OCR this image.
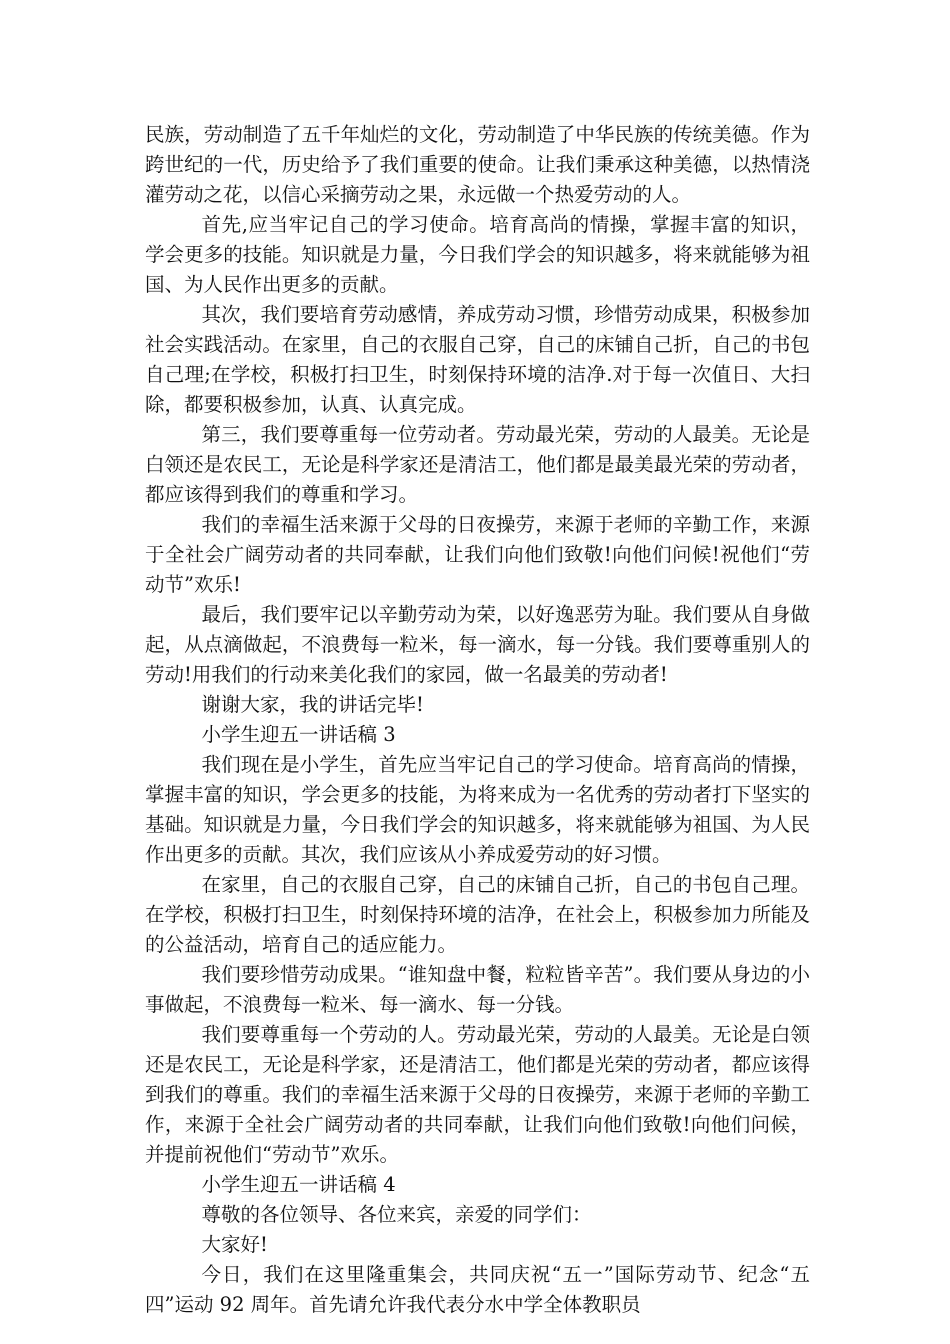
民族，劳动制造了五千年灿烂的文化，劳动制造了中华民族的传统美德。作为跨世纪的一代，历史给予了我们重要的使命。让我们秉承这种美德，以热情浇灌劳动之花，以信心采摘劳动之果，永远做一个热爱劳动的人。

首先,应当牢记自己的学习使命。培育高尚的情操，掌握丰富的知识，学会更多的技能。知识就是力量，今日我们学会的知识越多，将来就能够为祖国、为人民作出更多的贡献。

其次，我们要培育劳动感情，养成劳动习惯，珍惜劳动成果，积极参加社会实践活动。在家里，自己的衣服自己穿，自己的床铺自己折，自己的书包自己理;在学校，积极打扫卫生，时刻保持环境的洁净.对于每一次值日、大扫除，都要积极参加，认真、认真完成。

第三，我们要尊重每一位劳动者。劳动最光荣，劳动的人最美。无论是白领还是农民工，无论是科学家还是清洁工，他们都是最美最光荣的劳动者，都应该得到我们的尊重和学习。

我们的幸福生活来源于父母的日夜操劳，来源于老师的辛勤工作，来源于全社会广阔劳动者的共同奉献，让我们向他们致敬!向他们问候!祝他们“劳动节”欢乐!

最后，我们要牢记以辛勤劳动为荣，以好逸恶劳为耻。我们要从自身做起，从点滴做起，不浪费每一粒米，每一滴水，每一分钱。我们要尊重别人的劳动!用我们的行动来美化我们的家园，做一名最美的劳动者!

谢谢大家，我的讲话完毕!

小学生迎五一讲话稿 3

我们现在是小学生，首先应当牢记自己的学习使命。培育高尚的情操，掌握丰富的知识，学会更多的技能，为将来成为一名优秀的劳动者打下坚实的基础。知识就是力量，今日我们学会的知识越多，将来就能够为祖国、为人民作出更多的贡献。其次，我们应该从小养成爱劳动的好习惯。

在家里，自己的衣服自己穿，自己的床铺自己折，自己的书包自己理。在学校，积极打扫卫生，时刻保持环境的洁净，在社会上，积极参加力所能及的公益活动，培育自己的适应能力。

我们要珍惜劳动成果。“谁知盘中餐，粒粒皆辛苦”。我们要从身边的小事做起，不浪费每一粒米、每一滴水、每一分钱。

我们要尊重每一个劳动的人。劳动最光荣，劳动的人最美。无论是白领还是农民工，无论是科学家，还是清洁工，他们都是光荣的劳动者，都应该得到我们的尊重。我们的幸福生活来源于父母的日夜操劳，来源于老师的辛勤工作，来源于全社会广阔劳动者的共同奉献，让我们向他们致敬!向他们问候，并提前祝他们“劳动节”欢乐。

小学生迎五一讲话稿 4

尊敬的各位领导、各位来宾，亲爱的同学们：

大家好!

今日，我们在这里隆重集会，共同庆祝“五一”国际劳动节、纪念“五四”运动 92 周年。首先请允许我代表分水中学全体教职员
